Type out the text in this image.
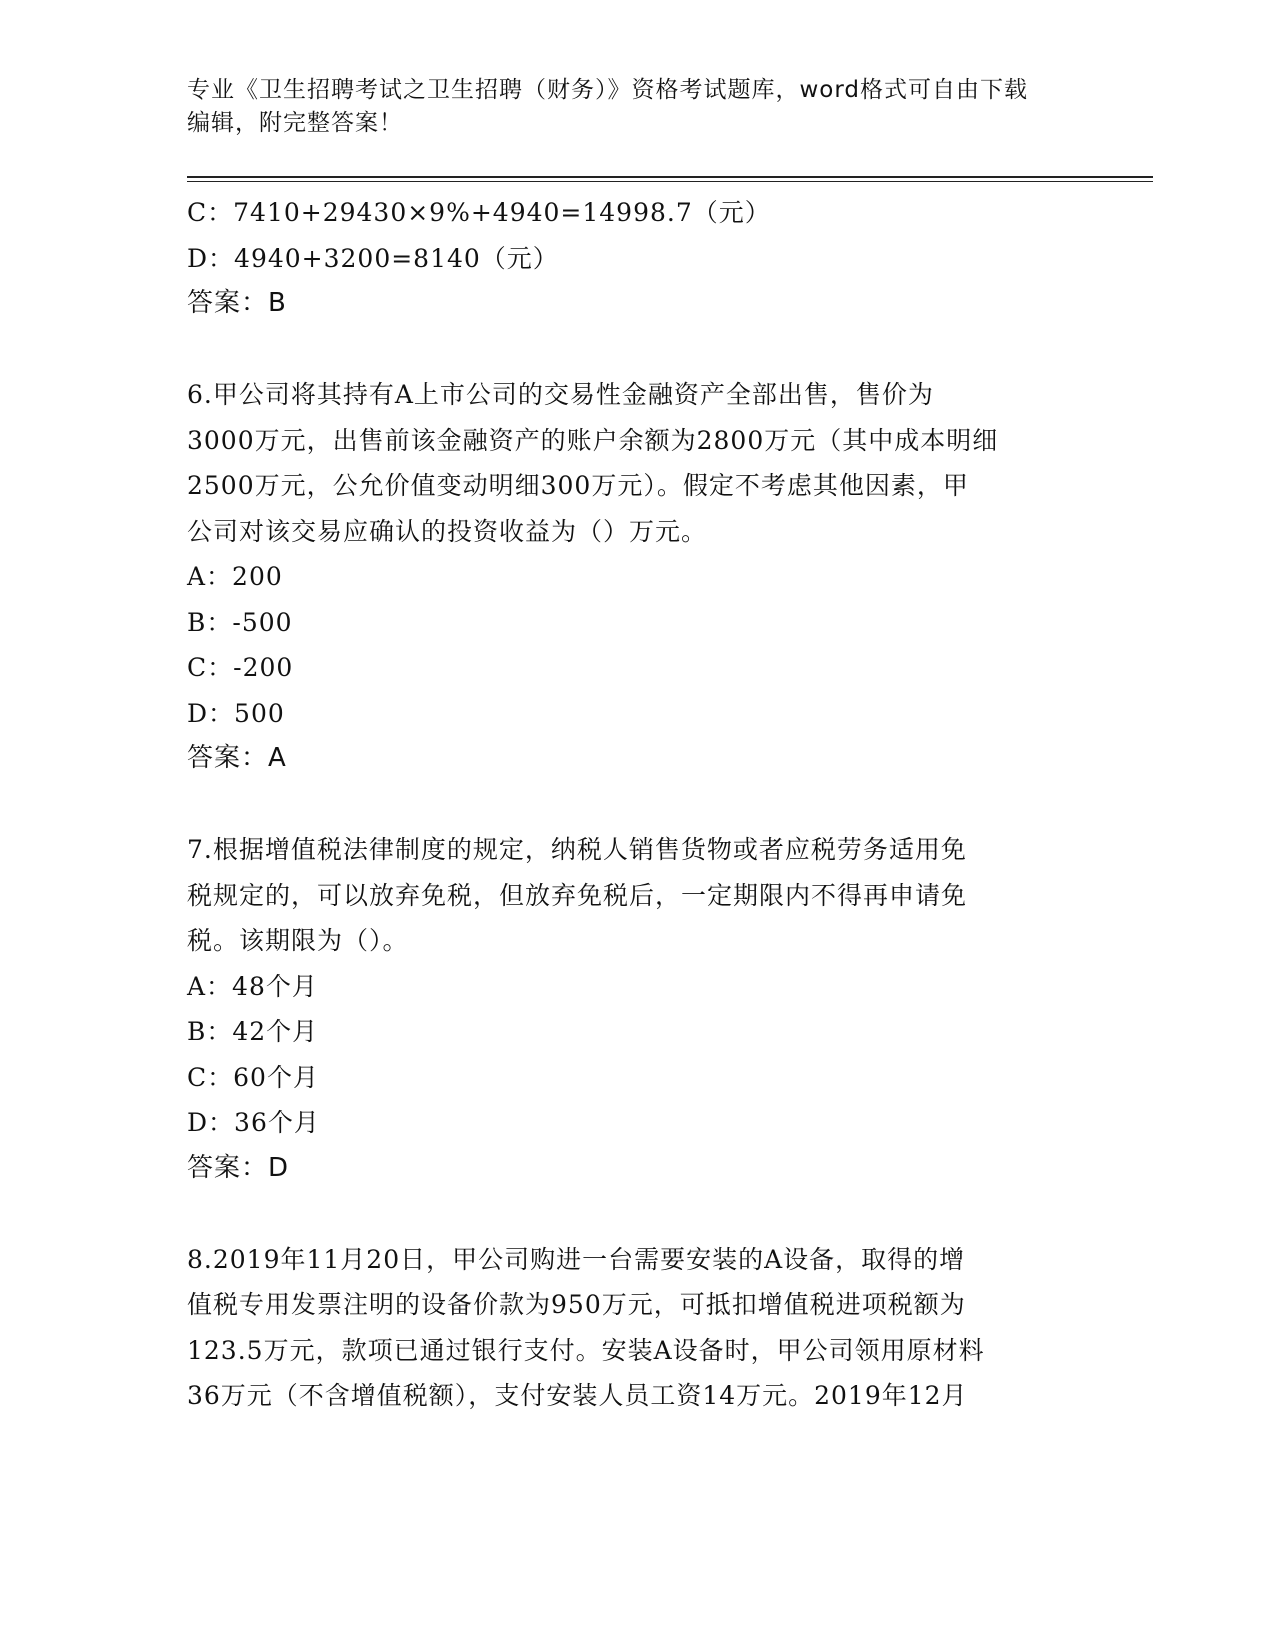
专业《卫生招聘考试之卫生招聘（财务）》资格考试题库，word格式可自由下载
编辑，附完整答案！
C：7410+29430×9%+4940=14998.7（元）
D：4940+3200=8140（元）
答案：B
6.甲公司将其持有A上市公司的交易性金融资产全部出售，售价为
3000万元，出售前该金融资产的账户余额为2800万元（其中成本明细
2500万元，公允价值变动明细300万元）。假定不考虑其他因素，甲
公司对该交易应确认的投资收益为（）万元。
A：200
B：-500
C：-200
D：500
答案：A
7.根据增值税法律制度的规定，纳税人销售货物或者应税劳务适用免
税规定的，可以放弃免税，但放弃免税后，一定期限内不得再申请免
税。该期限为（）。
A：48个月
B：42个月
C：60个月
D：36个月
答案：D
8.2019年11月20日，甲公司购进一台需要安装的A设备，取得的增
值税专用发票注明的设备价款为950万元，可抵扣增值税进项税额为
123.5万元，款项已通过银行支付。安装A设备时，甲公司领用原材料
36万元（不含增值税额），支付安装人员工资14万元。2019年12月
